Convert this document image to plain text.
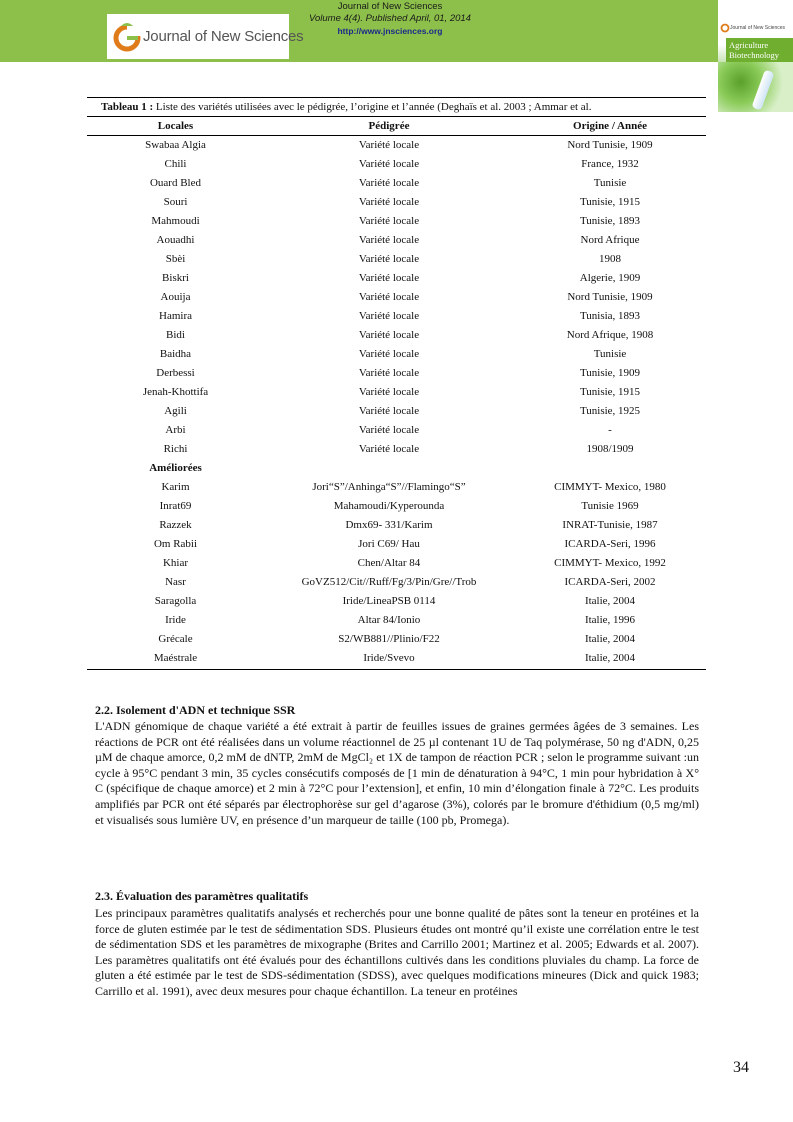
Journal of New Sciences
Journal of New Sciences
Volume 4(4). Published April, 01, 2014
http://www.jnsciences.org	Journal of New Sciences
Agriculture
Biotechnology
Tableau 1 : Liste des variétés utilisées avec le pédigrée, l’origine et l’année (Deghaïs et al. 2003 ; Ammar et al.
Locales	Pédigrée	Origine / Année
Swabaa Algia	Variété locale	Nord Tunisie, 1909
Chili	Variété locale	France, 1932
Ouard Bled	Variété locale	Tunisie
Souri	Variété locale	Tunisie, 1915
Mahmoudi	Variété locale	Tunisie, 1893
Aouadhi	Variété locale	Nord Afrique
Sbèi	Variété locale	1908
Biskri	Variété locale	Algerie, 1909
Aouija	Variété locale	Nord Tunisie, 1909
Hamira	Variété locale	Tunisia, 1893
Bidi	Variété locale	Nord Afrique, 1908
Baidha	Variété locale	Tunisie
Derbessi	Variété locale	Tunisie, 1909
Jenah-Khottifa	Variété locale	Tunisie, 1915
Agili	Variété locale	Tunisie, 1925
Arbi	Variété locale	-
Richi	Variété locale	1908/1909
Améliorées
Karim	Jori“S”/Anhinga“S”//Flamingo“S”	CIMMYT- Mexico, 1980
Inrat69	Mahamoudi/Kyperounda	Tunisie 1969
Razzek	Dmx69- 331/Karim	INRAT-Tunisie, 1987
Om Rabii	Jori C69/ Hau	ICARDA-Seri, 1996
Khiar	Chen/Altar 84	CIMMYT- Mexico, 1992
Nasr	GoVZ512/Cit//Ruff/Fg/3/Pin/Gre//Trob	ICARDA-Seri, 2002
Saragolla	Iride/LineaPSB 0114	Italie, 2004
Iride	Altar 84/Ionio	Italie, 1996
Grécale	S2/WB881//Plinio/F22	Italie, 2004
Maéstrale	Iride/Svevo	Italie, 2004
2.2. Isolement d'ADN et technique SSR
L'ADN génomique de chaque variété a été extrait à partir de feuilles issues de graines germées âgées de 3 semaines. Les réactions de PCR ont été réalisées dans un volume réactionnel de 25 µl contenant 1U de Taq polymérase, 50 ng d'ADN, 0,25 µM de chaque amorce, 0,2 mM de dNTP, 2mM de MgCl₂ et 1X de tampon de réaction PCR ; selon le programme suivant :un cycle à 95°C pendant 3 min, 35 cycles consécutifs composés de [1 min de dénaturation à 94°C, 1 min pour hybridation à X° C (spécifique de chaque amorce) et 2 min à 72°C pour l’extension], et enfin, 10 min d’élongation finale à 72°C. Les produits amplifiés par PCR ont été séparés par électrophorèse sur gel d’agarose (3%), colorés par le bromure d'éthidium (0,5 mg/ml) et visualisés sous lumière UV, en présence d’un marqueur de taille (100 pb, Promega).
2.3. Évaluation des paramètres qualitatifs
Les principaux paramètres qualitatifs analysés et recherchés pour une bonne qualité de pâtes sont la teneur en protéines et la force de gluten estimée par le test de sédimentation SDS. Plusieurs études ont montré qu’il existe une corrélation entre le test de sédimentation SDS et les paramètres de mixographe (Brites and Carrillo 2001; Martinez et al. 2005; Edwards et al. 2007). Les paramètres qualitatifs ont été évalués pour des échantillons cultivés dans les conditions pluviales du champ. La force de gluten a été estimée par le test de SDS-sédimentation (SDSS), avec quelques modifications mineures (Dick and quick 1983; Carrillo et al. 1991), avec deux mesures pour chaque échantillon. La teneur en protéines
34
